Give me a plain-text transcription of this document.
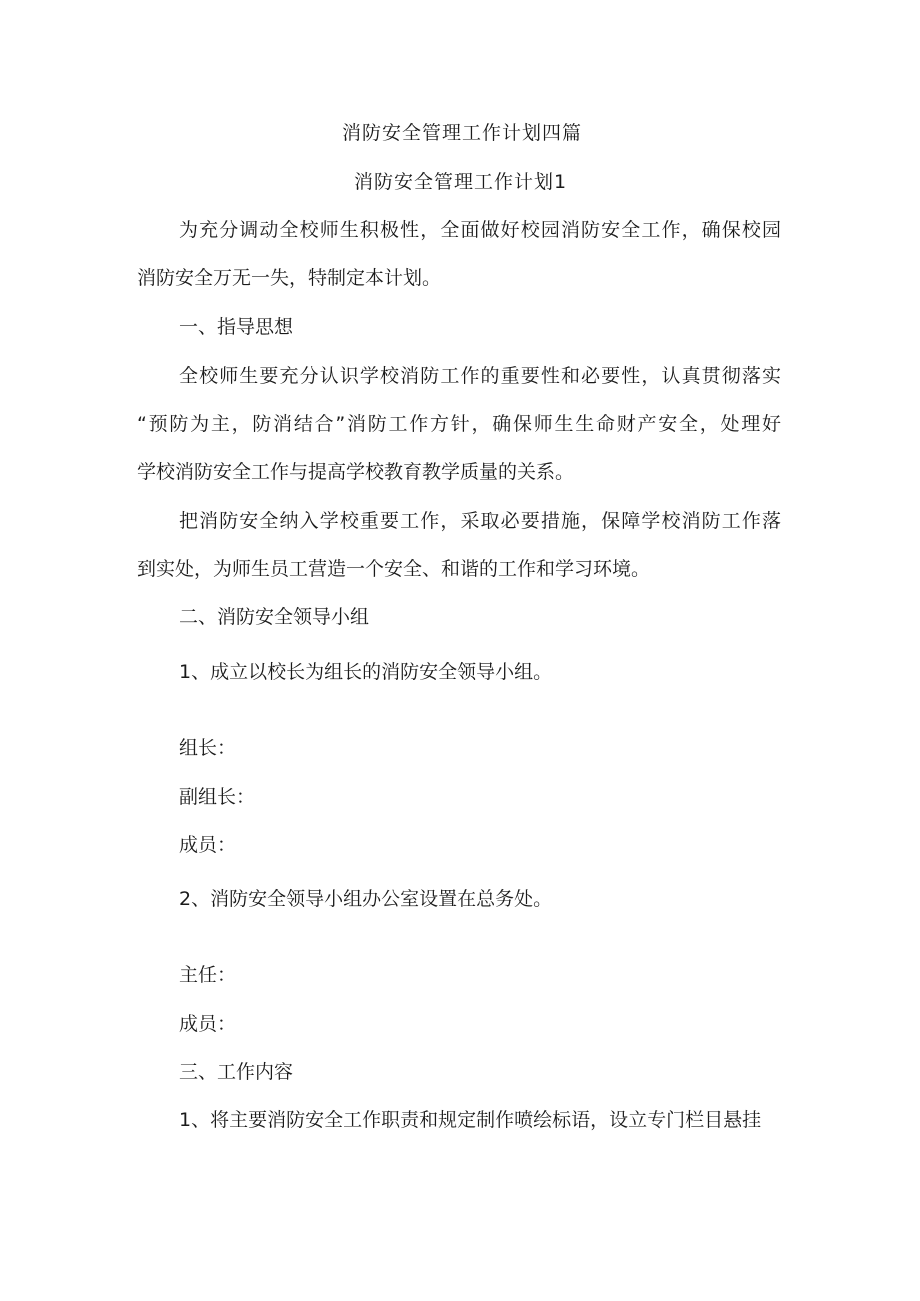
消防安全管理工作计划四篇

消防安全管理工作计划1

为充分调动全校师生积极性，全面做好校园消防安全工作，确保校园
消防安全万无一失，特制定本计划。

一、指导思想

全校师生要充分认识学校消防工作的重要性和必要性，认真贯彻落实
“预防为主，防消结合”消防工作方针，确保师生生命财产安全，处理好
学校消防安全工作与提高学校教育教学质量的关系。
把消防安全纳入学校重要工作，采取必要措施，保障学校消防工作落
到实处，为师生员工营造一个安全、和谐的工作和学习环境。

二、消防安全领导小组

1、成立以校长为组长的消防安全领导小组。

组长：

副组长：

成员：

2、消防安全领导小组办公室设置在总务处。

主任：

成员：

三、工作内容

1、将主要消防安全工作职责和规定制作喷绘标语，设立专门栏目悬挂
